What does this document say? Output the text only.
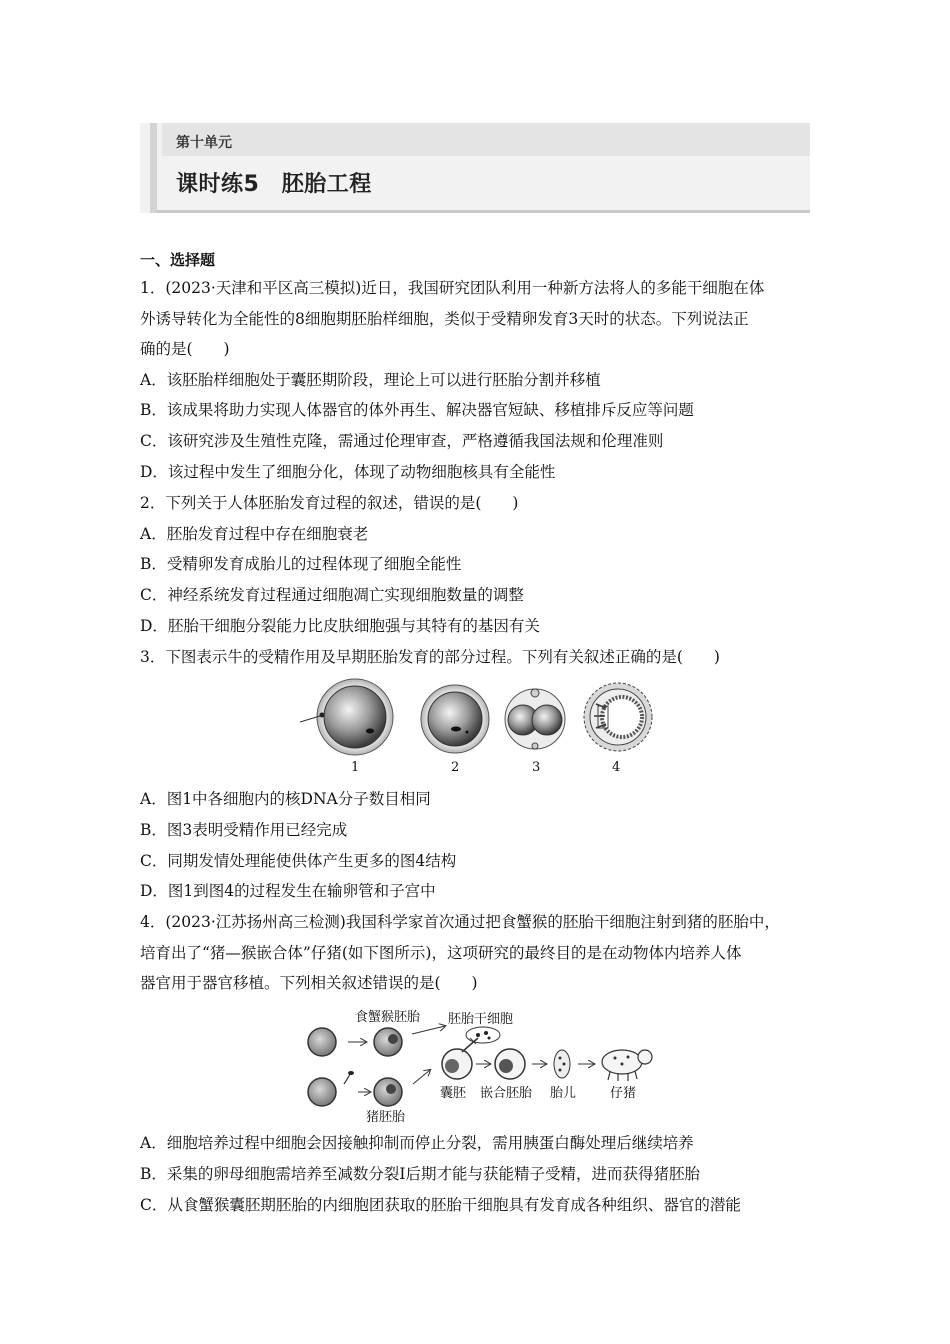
第十单元
课时练5　胚胎工程
一、选择题
1．(2023·天津和平区高三模拟)近日，我国研究团队利用一种新方法将人的多能干细胞在体
外诱导转化为全能性的8细胞期胚胎样细胞，类似于受精卵发育3天时的状态。下列说法正
确的是(　　)
A．该胚胎样细胞处于囊胚期阶段，理论上可以进行胚胎分割并移植
B．该成果将助力实现人体器官的体外再生、解决器官短缺、移植排斥反应等问题
C．该研究涉及生殖性克隆，需通过伦理审查，严格遵循我国法规和伦理准则
D．该过程中发生了细胞分化，体现了动物细胞核具有全能性
2．下列关于人体胚胎发育过程的叙述，错误的是(　　)
A．胚胎发育过程中存在细胞衰老
B．受精卵发育成胎儿的过程体现了细胞全能性
C．神经系统发育过程通过细胞凋亡实现细胞数量的调整
D．胚胎干细胞分裂能力比皮肤细胞强与其特有的基因有关
3．下图表示牛的受精作用及早期胚胎发育的部分过程。下列有关叙述正确的是(　　)
1	2	3	4
A．图1中各细胞内的核DNA分子数目相同
B．图3表明受精作用已经完成
C．同期发情处理能使供体产生更多的图4结构
D．图1到图4的过程发生在输卵管和子宫中
4．(2023·江苏扬州高三检测)我国科学家首次通过把食蟹猴的胚胎干细胞注射到猪的胚胎中，
培育出了“猪—猴嵌合体”仔猪(如下图所示)，这项研究的最终目的是在动物体内培养人体
器官用于器官移植。下列相关叙述错误的是(　　)
食蟹猴胚胎 胚胎干细胞
猪胚胎
囊胚 嵌合胚胎 胎儿	仔猪
A．细胞培养过程中细胞会因接触抑制而停止分裂，需用胰蛋白酶处理后继续培养
B．采集的卵母细胞需培养至减数分裂Ⅰ后期才能与获能精子受精，进而获得猪胚胎
C．从食蟹猴囊胚期胚胎的内细胞团获取的胚胎干细胞具有发育成各种组织、器官的潜能
